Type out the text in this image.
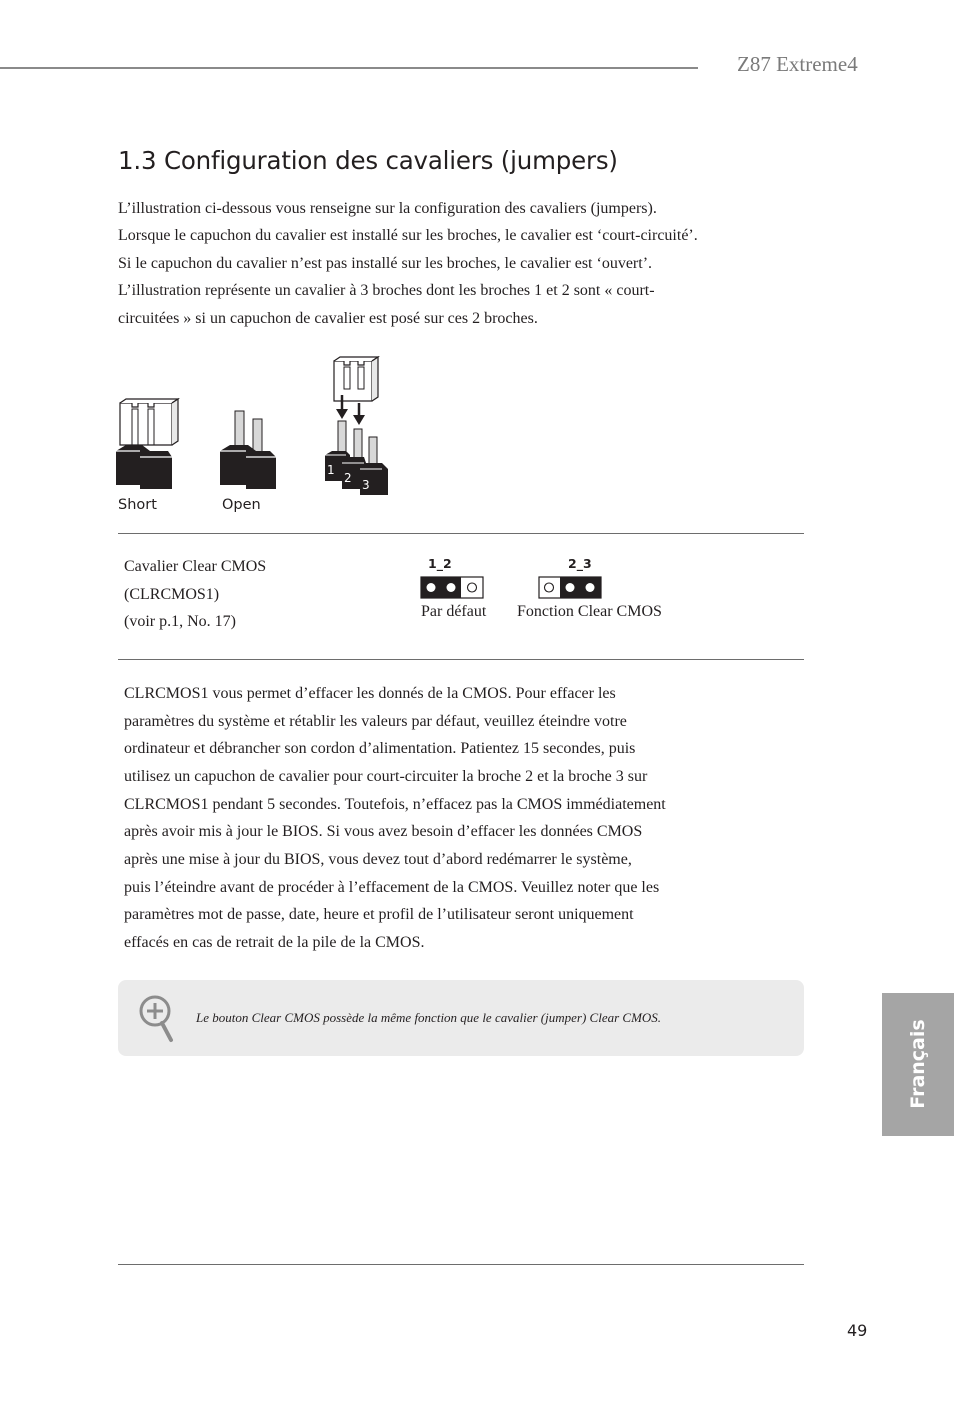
Z87 Extreme4
1.3 Configuration des cavaliers (jumpers)
L’illustration ci-dessous vous renseigne sur la configuration des cavaliers (jumpers).
Lorsque le capuchon du cavalier est installé sur les broches, le cavalier est ‘court-circuité’.
Si le capuchon du cavalier n’est pas installé sur les broches, le cavalier est ‘ouvert’.
L’illustration représente un cavalier à 3 broches dont les broches 1 et 2 sont « court-
circuitées » si un capuchon de cavalier est posé sur ces 2 broches.
Short	Open
1
2 3
Cavalier Clear CMOS
(CLRCMOS1)
(voir p.1, No. 17)
1_2
Par défaut
2_3
Fonction Clear CMOS
CLRCMOS1 vous permet d’effacer les donnés de la CMOS. Pour effacer les
paramètres du système et rétablir les valeurs par défaut, veuillez éteindre votre
ordinateur et débrancher son cordon d’alimentation. Patientez 15 secondes, puis
utilisez un capuchon de cavalier pour court-circuiter la broche 2 et la broche 3 sur
CLRCMOS1 pendant 5 secondes. Toutefois, n’effacez pas la CMOS immédiatement
après avoir mis à jour le BIOS. Si vous avez besoin d’effacer les données CMOS
après une mise à jour du BIOS, vous devez tout d’abord redémarrer le système,
puis l’éteindre avant de procéder à l’effacement de la CMOS. Veuillez noter que les
paramètres mot de passe, date, heure et profil de l’utilisateur seront uniquement
effacés en cas de retrait de la pile de la CMOS.
Le bouton Clear CMOS possède la même fonction que le cavalier (jumper) Clear CMOS.
Français
49
